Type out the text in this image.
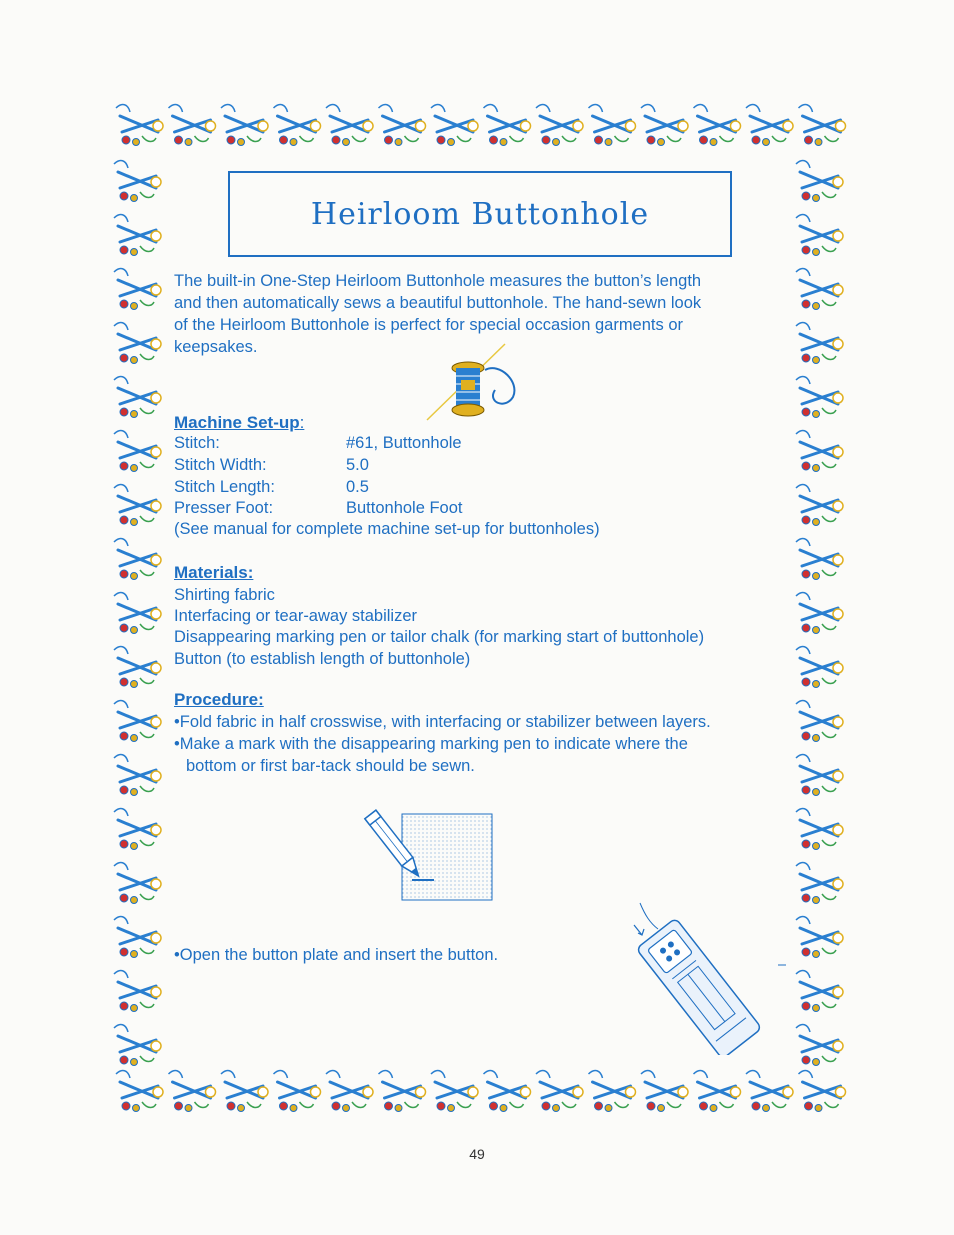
Heirloom Buttonhole
The built-in One-Step Heirloom Buttonhole measures the button’s length
and then automatically sews a beautiful buttonhole. The hand-sewn look
of the Heirloom Buttonhole is perfect for special occasion garments or
keepsakes.
Machine Set-up:
Stitch:	#61, Buttonhole
Stitch Width:	5.0
Stitch Length:	0.5
Presser Foot:	Buttonhole Foot
(See manual for complete machine set-up for buttonholes)
Materials:
Shirting fabric
Interfacing or tear-away stabilizer
Disappearing marking pen or tailor chalk (for marking start of buttonhole)
Button (to establish length of buttonhole)
Procedure:
•Fold fabric in half crosswise, with interfacing or stabilizer between layers.
•Make a mark with the disappearing marking pen to indicate where the
bottom or first bar-tack should be sewn.
•Open the button plate and insert the button.
49
